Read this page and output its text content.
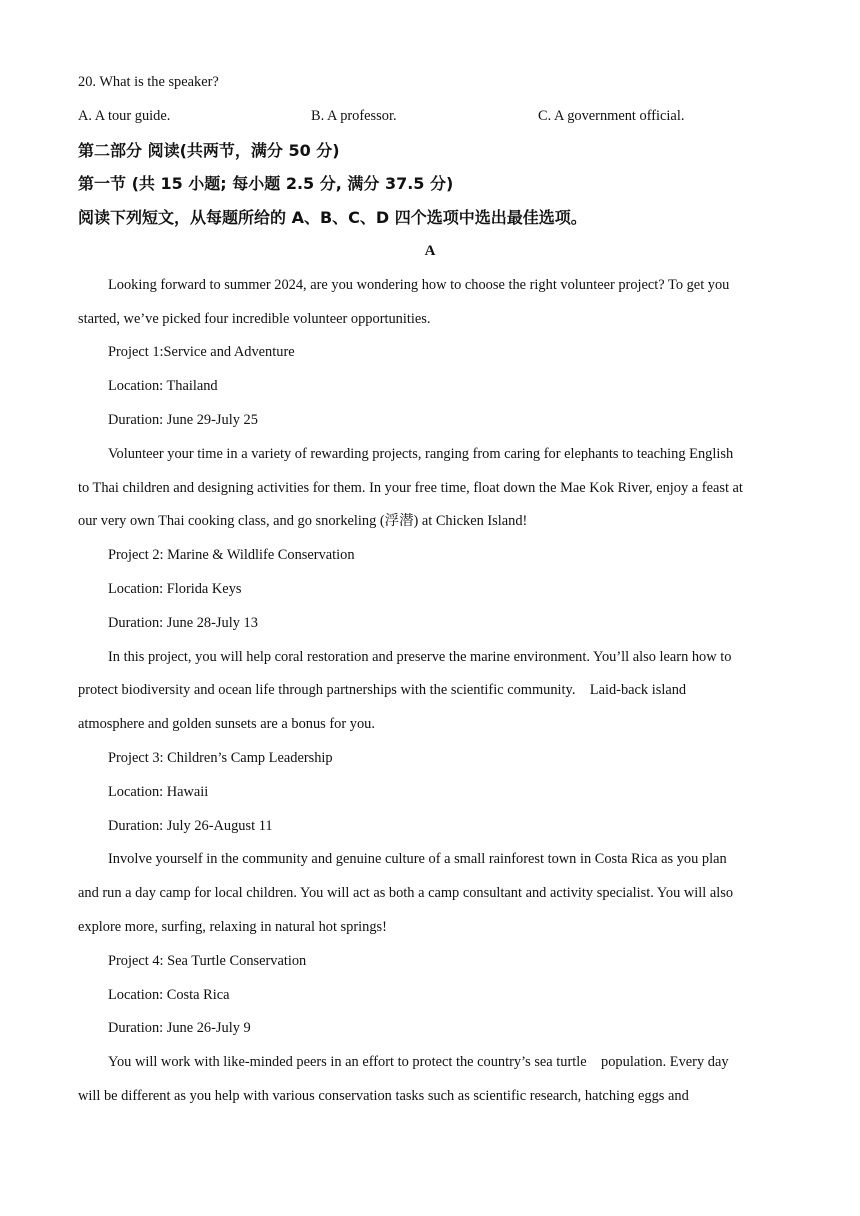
20. What is the speaker?
A. A tour guide.	B. A professor.	C. A government official.
第二部分 阅读(共两节，满分 50 分)
第一节 (共 15 小题; 每小题 2.5 分, 满分 37.5 分)
阅读下列短文，从每题所给的 A、B、C、D 四个选项中选出最佳选项。
A
Looking forward to summer 2024, are you wondering how to choose the right volunteer project? To get you
started, we’ve picked four incredible volunteer opportunities.
Project 1:Service and Adventure
Location: Thailand
Duration: June 29-July 25
Volunteer your time in a variety of rewarding projects, ranging from caring for elephants to teaching English
to Thai children and designing activities for them. In your free time, float down the Mae Kok River, enjoy a feast at
our very own Thai cooking class, and go snorkeling (浮潜) at Chicken Island!
Project 2: Marine & Wildlife Conservation
Location: Florida Keys
Duration: June 28-July 13
In this project, you will help coral restoration and preserve the marine environment. You’ll also learn how to
protect biodiversity and ocean life through partnerships with the scientific community.    Laid-back island
atmosphere and golden sunsets are a bonus for you.
Project 3: Children’s Camp Leadership
Location: Hawaii
Duration: July 26-August 11
Involve yourself in the community and genuine culture of a small rainforest town in Costa Rica as you plan
and run a day camp for local children. You will act as both a camp consultant and activity specialist. You will also
explore more, surfing, relaxing in natural hot springs!
Project 4: Sea Turtle Conservation
Location: Costa Rica
Duration: June 26-July 9
You will work with like-minded peers in an effort to protect the country’s sea turtle    population. Every day
will be different as you help with various conservation tasks such as scientific research, hatching eggs and
